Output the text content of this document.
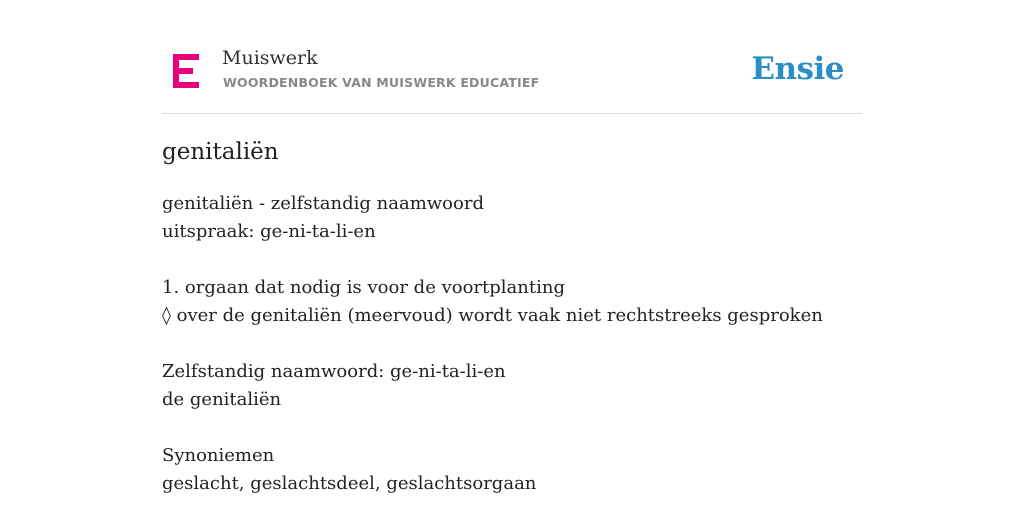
Muiswerk
WOORDENBOEK VAN MUISWERK EDUCATIEF	Ensie
genitaliën
genitaliën - zelfstandig naamwoord
uitspraak: ge-ni-ta-li-en
1. orgaan dat nodig is voor de voortplanting
◊ over de genitaliën (meervoud) wordt vaak niet rechtstreeks gesproken
Zelfstandig naamwoord: ge-ni-ta-li-en
de genitaliën
Synoniemen
geslacht, geslachtsdeel, geslachtsorgaan
